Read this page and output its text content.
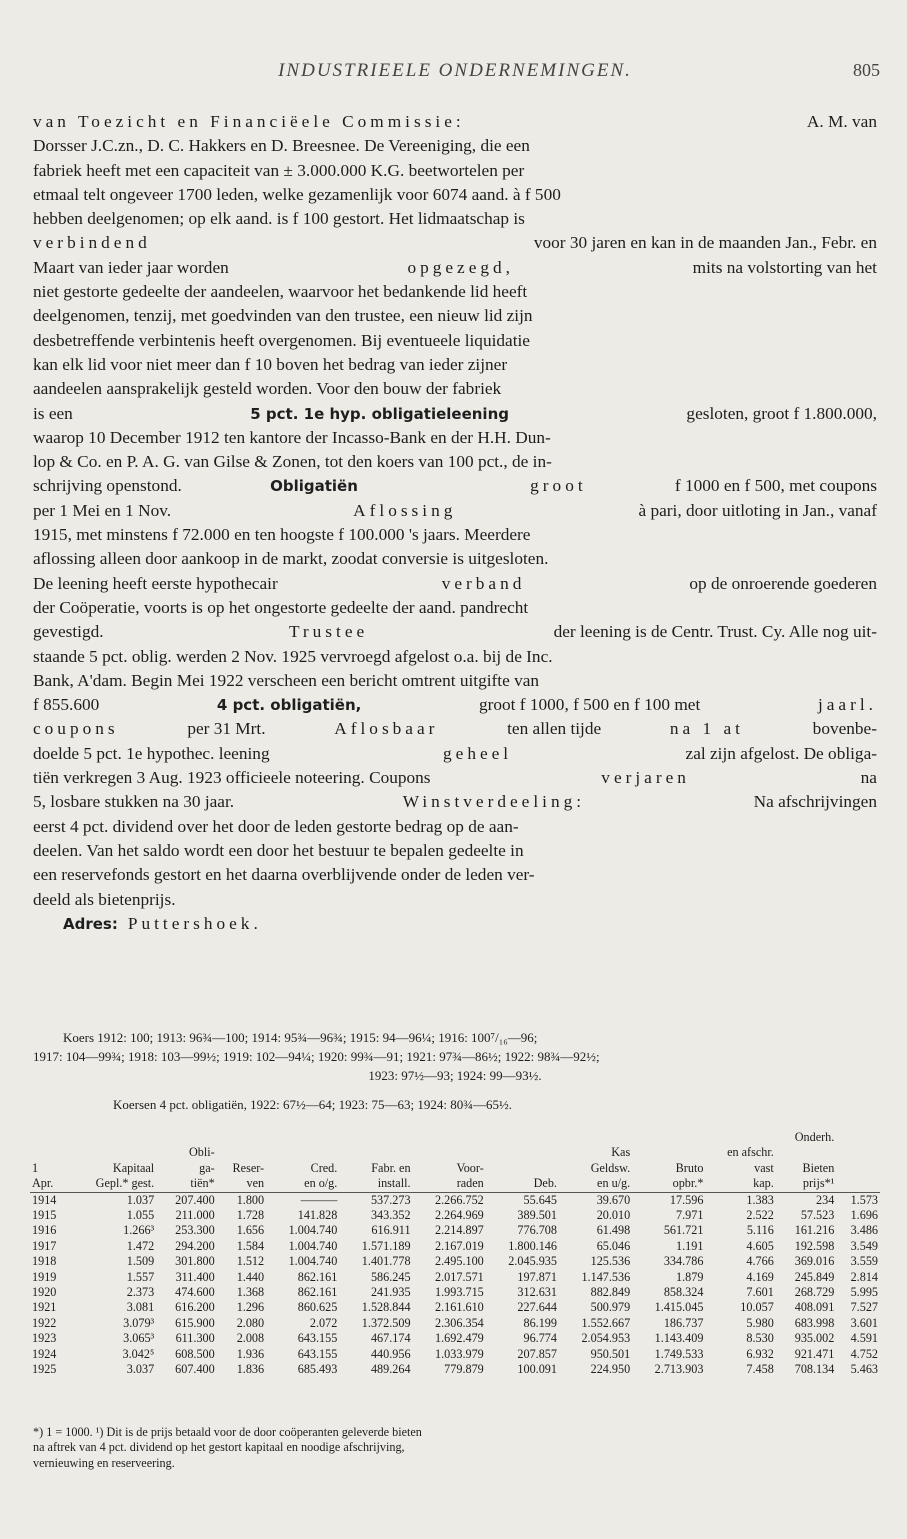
INDUSTRIEELE ONDERNEMINGEN.	805
van Toezicht en Financiëele Commissie:	A. M. van
Dorsser J.C.zn., D. C. Hakkers en D. Breesnee. De Vereeniging, die een
fabriek heeft met een capaciteit van ± 3.000.000 K.G. beetwortelen per
etmaal telt ongeveer 1700 leden, welke gezamenlijk voor 6074 aand. à f 500
hebben deelgenomen; op elk aand. is f 100 gestort. Het lidmaatschap is
verbindend	voor 30 jaren en kan in de maanden Jan., Febr. en
Maart van ieder jaar worden	opgezegd,	mits na volstorting van het
niet gestorte gedeelte der aandeelen, waarvoor het bedankende lid heeft
deelgenomen, tenzij, met goedvinden van den trustee, een nieuw lid zijn
desbetreffende verbintenis heeft overgenomen. Bij eventueele liquidatie
kan elk lid voor niet meer dan f 10 boven het bedrag van ieder zijner
aandeelen aansprakelijk gesteld worden. Voor den bouw der fabriek
is een	5 pct. 1e hyp. obligatieleening	gesloten, groot f 1.800.000,
waarop 10 December 1912 ten kantore der Incasso-Bank en der H.H. Dun-
lop & Co. en P. A. G. van Gilse & Zonen, tot den koers van 100 pct., de in-
schrijving openstond.	Obligatiën
	groot	f 1000 en f 500, met coupons
per 1 Mei en 1 Nov.	Aflossing	à pari, door uitloting in Jan., vanaf
1915, met minstens f 72.000 en ten hoogste f 100.000 's jaars. Meerdere
aflossing alleen door aankoop in de markt, zoodat conversie is uitgesloten.
De leening heeft eerste hypothecair	verband	op de onroerende goederen
der Coöperatie, voorts is op het ongestorte gedeelte der aand. pandrecht
gevestigd.	Trustee	der leening is de Centr. Trust. Cy. Alle nog uit-
staande 5 pct. oblig. werden 2 Nov. 1925 vervroegd afgelost o.a. bij de Inc.
Bank, A'dam. Begin Mei 1922 verscheen een bericht omtrent uitgifte van
f 855.600	4 pct. obligatiën,	groot f 1000, f 500 en f 100 met	jaarl.
coupons	per 31 Mrt.	Aflosbaar	ten allen tijde	na 1 at	bovenbe-
doelde 5 pct. 1e hypothec. leening	geheel	zal zijn afgelost. De obliga-
tiën verkregen 3 Aug. 1923 officieele noteering. Coupons	verjaren	na
5, losbare stukken na 30 jaar.	Winstverdeeling:	Na afschrijvingen
eerst 4 pct. dividend over het door de leden gestorte bedrag op de aan-
deelen. Van het saldo wordt een door het bestuur te bepalen gedeelte in
een reservefonds gestort en het daarna overblijvende onder de leden ver-
deeld als bietenprijs.
Adres: Puttershoek.
Koers 1912: 100; 1913: 96¾—100; 1914: 95¾—96¾; 1915: 94—96¼; 1916: 100⁷/₁₆—96;
1917: 104—99¾; 1918: 103—99½; 1919: 102—94¼; 1920: 99¾—91; 1921: 97¾—86½; 1922: 98¾—92½;
1923: 97½—93; 1924: 99—93½.
Koersen 4 pct. obligatiën, 1922: 67½—64; 1923: 75—63; 1924: 80¾—65½.
											Onderh.	
		Obli-						Kas		en afschr.		
1	Kapitaal	ga-	Reser-	Cred.	Fabr. en	Voor-		Geldsw.	Bruto	vast	Bieten	
Apr.	Gepl.* gest.	tiën*	ven	en o/g.	install.	raden	Deb.	en u/g.	opbr.*	kap.	prijs*¹	
1914	1.037	207.400	1.800	———	537.273	2.266.752	55.645	39.670	17.596	1.383	234	1.573
1915	1.055	211.000	1.728	141.828	343.352	2.264.969	389.501	20.010	7.971	2.522	57.523	1.696
1916	1.266³	253.300	1.656	1.004.740	616.911	2.214.897	776.708	61.498	561.721	5.116	161.216	3.486
1917	1.472	294.200	1.584	1.004.740	1.571.189	2.167.019	1.800.146	65.046	1.191	4.605	192.598	3.549
1918	1.509	301.800	1.512	1.004.740	1.401.778	2.495.100	2.045.935	125.536	334.786	4.766	369.016	3.559
1919	1.557	311.400	1.440	862.161	586.245	2.017.571	197.871	1.147.536	1.879	4.169	245.849	2.814
1920	2.373	474.600	1.368	862.161	241.935	1.993.715	312.631	882.849	858.324	7.601	268.729	5.995
1921	3.081	616.200	1.296	860.625	1.528.844	2.161.610	227.644	500.979	1.415.045	10.057	408.091	7.527
1922	3.079³	615.900	2.080	2.072	1.372.509	2.306.354	86.199	1.552.667	186.737	5.980	683.998	3.601
1923	3.065³	611.300	2.008	643.155	467.174	1.692.479	96.774	2.054.953	1.143.409	8.530	935.002	4.591
1924	3.042⁵	608.500	1.936	643.155	440.956	1.033.979	207.857	950.501	1.749.533	6.932	921.471	4.752
1925	3.037	607.400	1.836	685.493	489.264	779.879	100.091	224.950	2.713.903	7.458	708.134	5.463
*) 1 = 1000. ¹) Dit is de prijs betaald voor de door coöperanten geleverde bieten
na aftrek van 4 pct. dividend op het gestort kapitaal en noodige afschrijving,
vernieuwing en reserveering.
